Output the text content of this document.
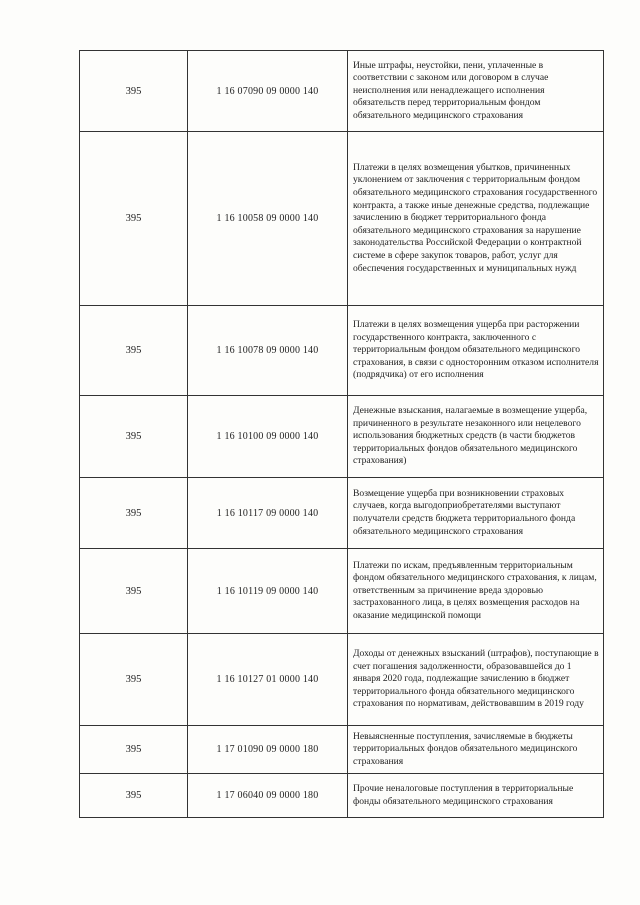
395	1 16 07090 09 0000 140	Иные штрафы, неустойки, пени, уплаченные в соответствии с законом или договором в случае неисполнения или ненадлежащего исполнения обязательств перед территориальным фондом обязательного медицинского страхования
395	1 16 10058 09 0000 140	Платежи в целях возмещения убытков, причиненных уклонением от заключения с территориальным фондом обязательного медицинского страхования государственного контракта, а также иные денежные средства, подлежащие зачислению в бюджет территориального фонда обязательного медицинского страхования за нарушение законодательства Российской Федерации о контрактной системе в сфере закупок товаров, работ, услуг для обеспечения государственных и муниципальных нужд
395	1 16 10078 09 0000 140	Платежи в целях возмещения ущерба при расторжении государственного контракта, заключенного с территориальным фондом обязательного медицинского страхования, в связи с односторонним отказом исполнителя (подрядчика) от его исполнения
395	1 16 10100 09 0000 140	Денежные взыскания, налагаемые в возмещение ущерба, причиненного в результате незаконного или нецелевого использования бюджетных средств (в части бюджетов территориальных фондов обязательного медицинского страхования)
395	1 16 10117 09 0000 140	Возмещение ущерба при возникновении страховых случаев, когда выгодоприобретателями выступают получатели средств бюджета территориального фонда обязательного медицинского страхования
395	1 16 10119 09 0000 140	Платежи по искам, предъявленным территориальным фондом обязательного медицинского страхования, к лицам, ответственным за причинение вреда здоровью застрахованного лица, в целях возмещения расходов на оказание медицинской помощи
395	1 16 10127 01 0000 140	Доходы от денежных взысканий (штрафов), поступающие в счет погашения задолженности, образовавшейся до 1 января 2020 года, подлежащие зачислению в бюджет территориального фонда обязательного медицинского страхования по нормативам, действовавшим в 2019 году
395	1 17 01090 09 0000 180	Невыясненные поступления, зачисляемые в бюджеты территориальных фондов обязательного медицинского страхования
395	1 17 06040 09 0000 180	Прочие неналоговые поступления в территориальные фонды обязательного медицинского страхования
